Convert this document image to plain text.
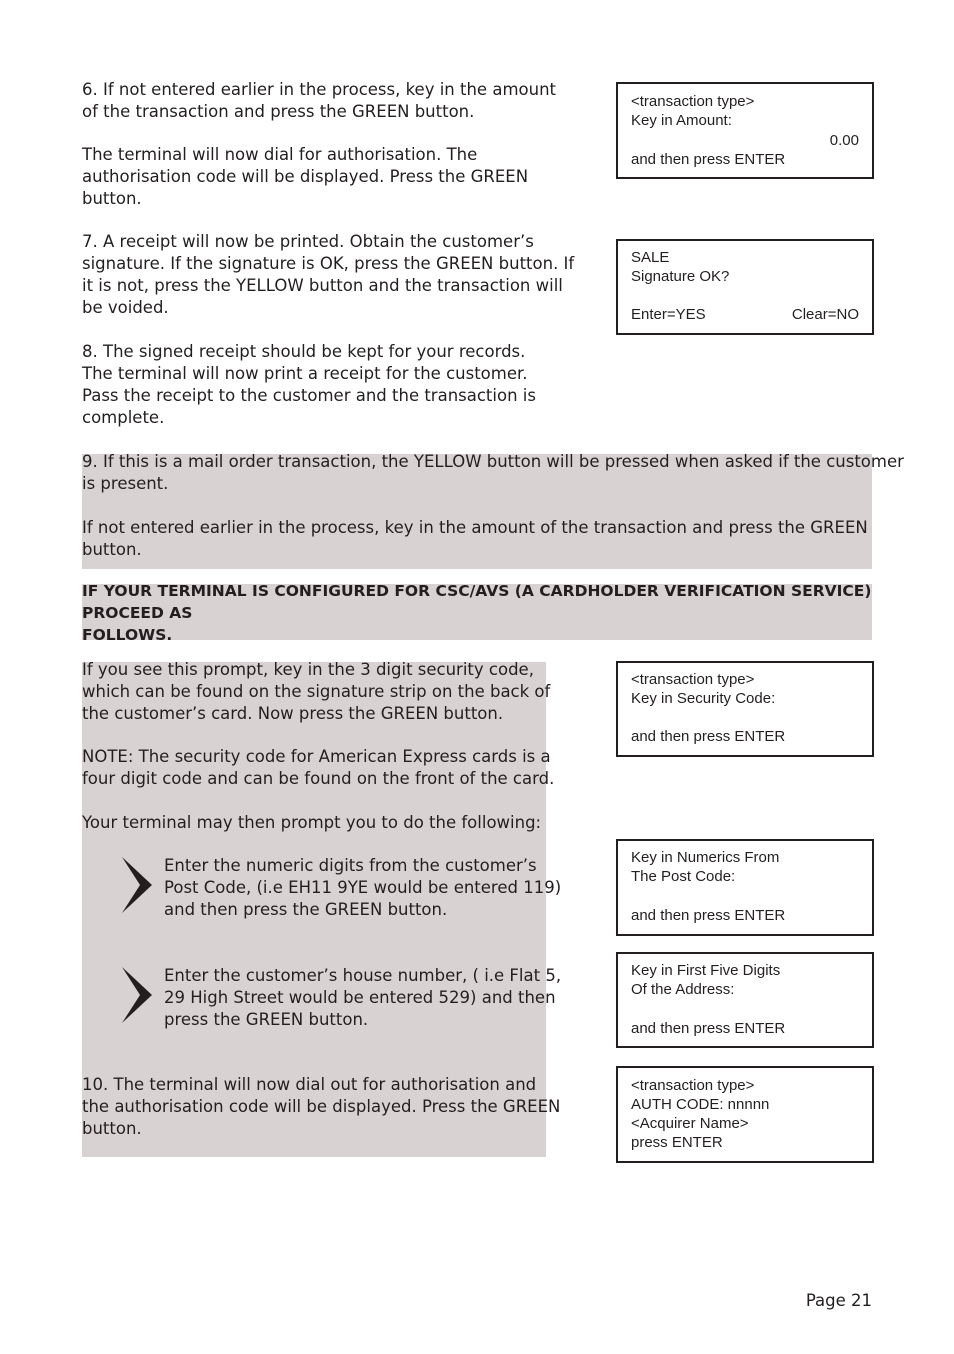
6. If not entered earlier in the process, key in the amount
of the transaction and press the GREEN button.
The terminal will now dial for authorisation. The
authorisation code will be displayed. Press the GREEN
button.
7. A receipt will now be printed. Obtain the customer’s
signature. If the signature is OK, press the GREEN button. If
it is not, press the YELLOW button and the transaction will
be voided.
8. The signed receipt should be kept for your records.
The terminal will now print a receipt for the customer.
Pass the receipt to the customer and the transaction is
complete.
9. If this is a mail order transaction, the YELLOW button will be pressed when asked if the customer
is present.
If not entered earlier in the process, key in the amount of the transaction and press the GREEN
button.
IF YOUR TERMINAL IS CONFIGURED FOR CSC/AVS (A CARDHOLDER VERIFICATION SERVICE) PROCEED AS
FOLLOWS.
If you see this prompt, key in the 3 digit security code,
which can be found on the signature strip on the back of
the customer’s card. Now press the GREEN button.
NOTE: The security code for American Express cards is a
four digit code and can be found on the front of the card.
Your terminal may then prompt you to do the following:
Enter the numeric digits from the customer’s
Post Code, (i.e EH11 9YE would be entered 119)
and then press the GREEN button.
Enter the customer’s house number, ( i.e Flat 5,
29 High Street would be entered 529) and then
press the GREEN button.
10. The terminal will now dial out for authorisation and
the authorisation code will be displayed. Press the GREEN
button.
<transaction type>
Key in Amount:
0.00
and then press ENTER
SALE
Signature OK?
Enter=YES	Clear=NO
<transaction type>
Key in Security Code:
and then press ENTER
Key in Numerics From
The Post Code:
and then press ENTER
Key in First Five Digits
Of the Address:
and then press ENTER
<transaction type>
AUTH CODE: nnnnn
<Acquirer Name>
press ENTER
Page 21
